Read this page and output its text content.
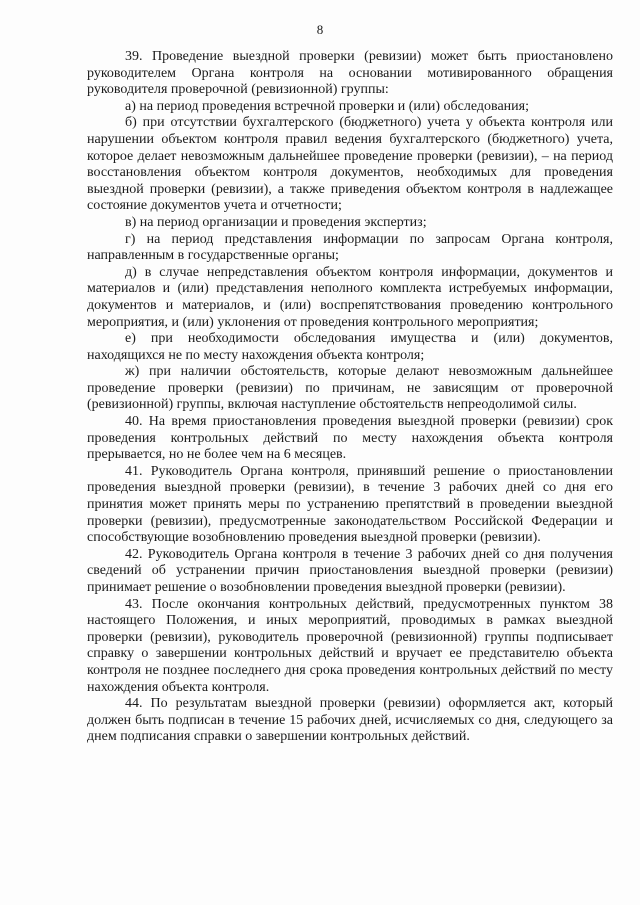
8

39. Проведение выездной проверки (ревизии) может быть приостановлено руководителем Органа контроля на основании мотивированного обращения руководителя проверочной (ревизионной) группы:

а) на период проведения встречной проверки и (или) обследования;

б) при отсутствии бухгалтерского (бюджетного) учета у объекта контроля или нарушении объектом контроля правил ведения бухгалтерского (бюджетного) учета, которое делает невозможным дальнейшее проведение проверки (ревизии), – на период восстановления объектом контроля документов, необходимых для проведения выездной проверки (ревизии), а также приведения объектом контроля в надлежащее состояние документов учета и отчетности;

в) на период организации и проведения экспертиз;

г) на период представления информации по запросам Органа контроля, направленным в государственные органы;

д) в случае непредставления объектом контроля информации, документов и материалов и (или) представления неполного комплекта истребуемых информации, документов и материалов, и (или) воспрепятствования проведению контрольного мероприятия, и (или) уклонения от проведения контрольного мероприятия;

е) при необходимости обследования имущества и (или) документов, находящихся не по месту нахождения объекта контроля;

ж) при наличии обстоятельств, которые делают невозможным дальнейшее проведение проверки (ревизии) по причинам, не зависящим от проверочной (ревизионной) группы, включая наступление обстоятельств непреодолимой силы.

40. На время приостановления проведения выездной проверки (ревизии) срок проведения контрольных действий по месту нахождения объекта контроля прерывается, но не более чем на 6 месяцев.

41. Руководитель Органа контроля, принявший решение о приостановлении проведения выездной проверки (ревизии), в течение 3 рабочих дней со дня его принятия может принять меры по устранению препятствий в проведении выездной проверки (ревизии), предусмотренные законодательством Российской Федерации и способствующие возобновлению проведения выездной проверки (ревизии).

42. Руководитель Органа контроля в течение 3 рабочих дней со дня получения сведений об устранении причин приостановления выездной проверки (ревизии) принимает решение о возобновлении проведения выездной проверки (ревизии).

43. После окончания контрольных действий, предусмотренных пунктом 38 настоящего Положения, и иных мероприятий, проводимых в рамках выездной проверки (ревизии), руководитель проверочной (ревизионной) группы подписывает справку о завершении контрольных действий и вручает ее представителю объекта контроля не позднее последнего дня срока проведения контрольных действий по месту нахождения объекта контроля.

44. По результатам выездной проверки (ревизии) оформляется акт, который должен быть подписан в течение 15 рабочих дней, исчисляемых со дня, следующего за днем подписания справки о завершении контрольных действий.
